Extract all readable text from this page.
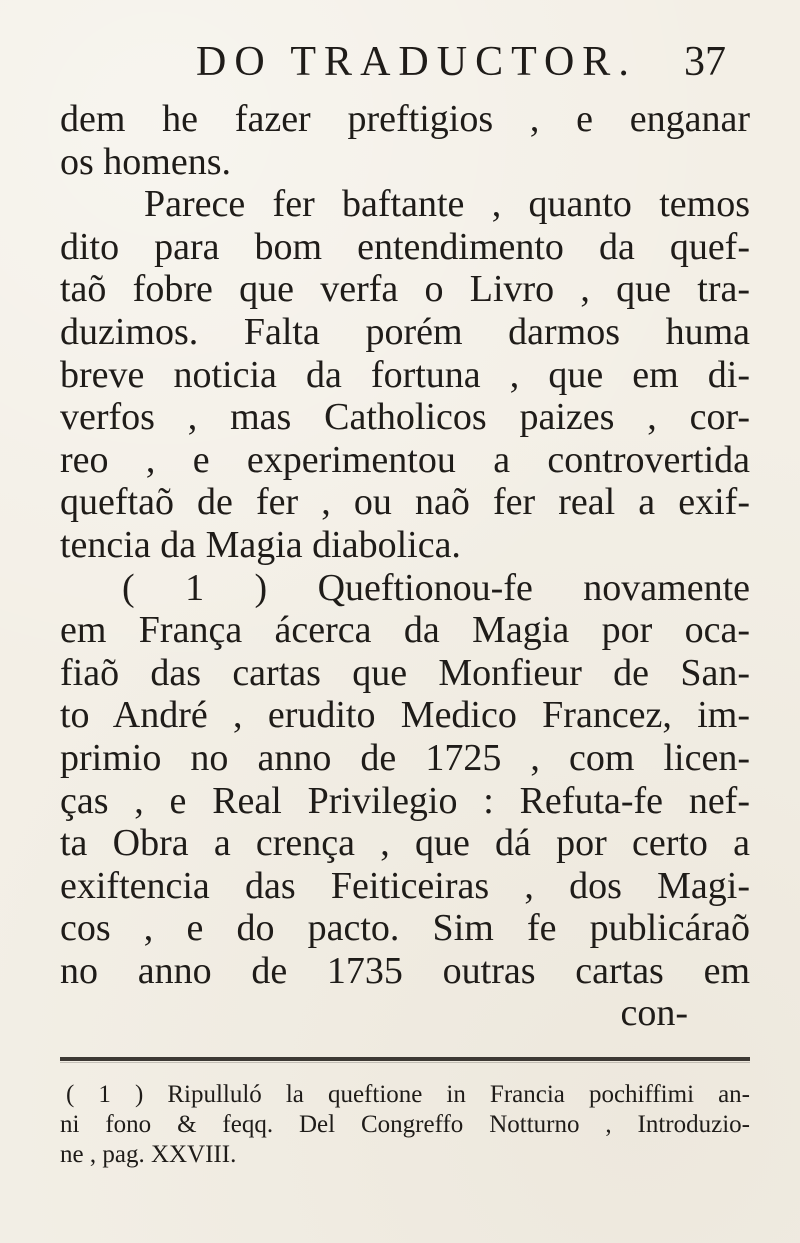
DO TRADUCTOR. 37
dem he fazer preftigios , e enganar
os homens.
Parece fer baftante , quanto temos
dito para bom entendimento da quef-
taõ fobre que verfa o Livro , que tra-
duzimos. Falta porém darmos huma
breve noticia da fortuna , que em di-
verfos , mas Catholicos paizes , cor-
reo , e experimentou a controvertida
queftaõ de fer , ou naõ fer real a exif-
tencia da Magia diabolica.
( 1 ) Queftionou-fe novamente
em França ácerca da Magia por oca-
fiaõ das cartas que Monfieur de San-
to André , erudito Medico Francez, im-
primio no anno de 1725 , com licen-
ças , e Real Privilegio : Refuta-fe nef-
ta Obra a crença , que dá por certo a
exiftencia das Feiticeiras , dos Magi-
cos , e do pacto. Sim fe publicáraõ
no anno de 1735 outras cartas em
con-
( 1 ) Ripulluló la queftione in Francia pochiffimi an-
ni fono & feqq. Del Congreffo Notturno , Introduzio-
ne , pag. XXVIII.
